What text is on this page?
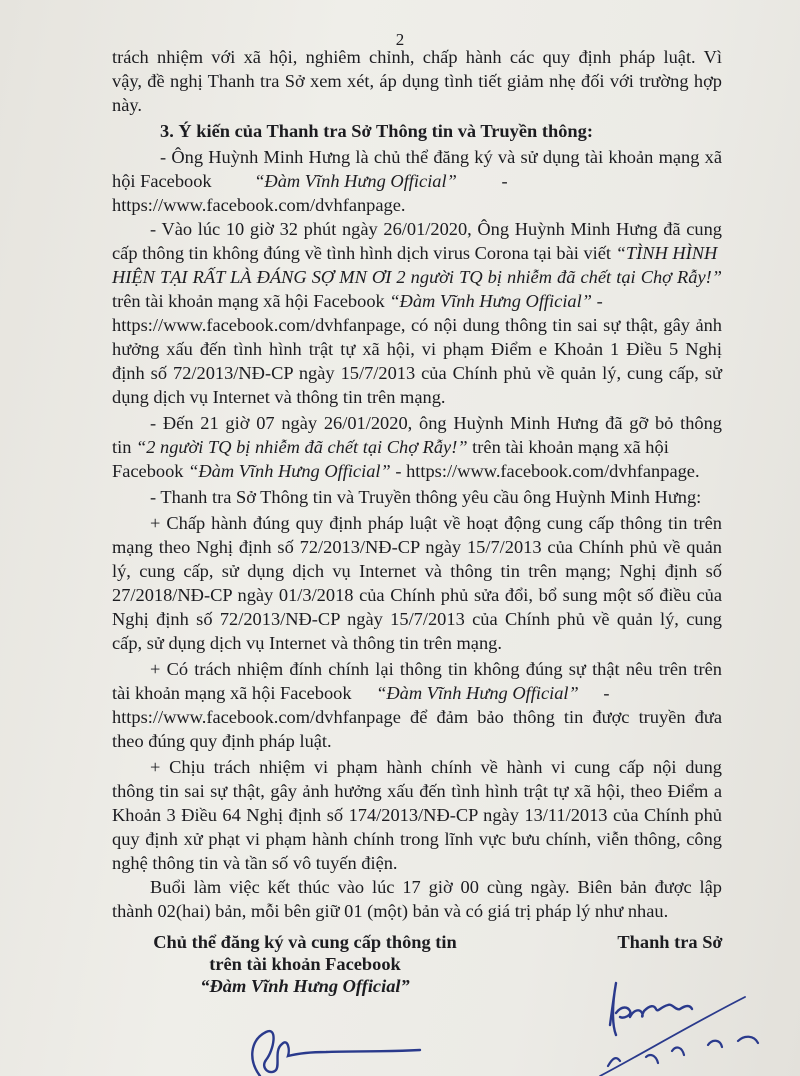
2
trách nhiệm với xã hội, nghiêm chỉnh, chấp hành các quy định pháp luật. Vì
vậy, đề nghị Thanh tra Sở xem xét, áp dụng tình tiết giảm nhẹ đối với trường hợp
này.
3. Ý kiến của Thanh tra Sở Thông tin và Truyền thông:
- Ông Huỳnh Minh Hưng là chủ thể đăng ký và sử dụng tài khoản mạng xã
hội Facebook “Đàm Vĩnh Hưng Official” -
https://www.facebook.com/dvhfanpage.
- Vào lúc 10 giờ 32 phút ngày 26/01/2020, Ông Huỳnh Minh Hưng đã cung
cấp thông tin không đúng về tình hình dịch virus Corona tại bài viết “TÌNH HÌNH
HIỆN TẠI RẤT LÀ ĐÁNG SỢ MN ƠI 2 người TQ bị nhiễm đã chết tại Chợ Rẫy!”
trên tài khoản mạng xã hội Facebook “Đàm Vĩnh Hưng Official” -
https://www.facebook.com/dvhfanpage, có nội dung thông tin sai sự thật, gây ảnh
hưởng xấu đến tình hình trật tự xã hội, vi phạm Điểm e Khoản 1 Điều 5 Nghị
định số 72/2013/NĐ-CP ngày 15/7/2013 của Chính phủ về quản lý, cung cấp, sử
dụng dịch vụ Internet và thông tin trên mạng.
- Đến 21 giờ 07 ngày 26/01/2020, ông Huỳnh Minh Hưng đã gỡ bỏ thông
tin “2 người TQ bị nhiễm đã chết tại Chợ Rẫy!” trên tài khoản mạng xã hội
Facebook “Đàm Vĩnh Hưng Official” - https://www.facebook.com/dvhfanpage.
- Thanh tra Sở Thông tin và Truyền thông yêu cầu ông Huỳnh Minh Hưng:
+ Chấp hành đúng quy định pháp luật về hoạt động cung cấp thông tin trên
mạng theo Nghị định số 72/2013/NĐ-CP ngày 15/7/2013 của Chính phủ về quản
lý, cung cấp, sử dụng dịch vụ Internet và thông tin trên mạng; Nghị định số
27/2018/NĐ-CP ngày 01/3/2018 của Chính phủ sửa đổi, bổ sung một số điều của
Nghị định số 72/2013/NĐ-CP ngày 15/7/2013 của Chính phủ về quản lý, cung
cấp, sử dụng dịch vụ Internet và thông tin trên mạng.
+ Có trách nhiệm đính chính lại thông tin không đúng sự thật nêu trên trên
tài khoản mạng xã hội Facebook “Đàm Vĩnh Hưng Official” -
https://www.facebook.com/dvhfanpage để đảm bảo thông tin được truyền đưa
theo đúng quy định pháp luật.
+ Chịu trách nhiệm vi phạm hành chính về hành vi cung cấp nội dung
thông tin sai sự thật, gây ảnh hưởng xấu đến tình hình trật tự xã hội, theo Điểm a
Khoản 3 Điều 64 Nghị định số 174/2013/NĐ-CP ngày 13/11/2013 của Chính phủ
quy định xử phạt vi phạm hành chính trong lĩnh vực bưu chính, viễn thông, công
nghệ thông tin và tần số vô tuyến điện.
Buổi làm việc kết thúc vào lúc 17 giờ 00 cùng ngày. Biên bản được lập
thành 02(hai) bản, mỗi bên giữ 01 (một) bản và có giá trị pháp lý như nhau.
Chủ thể đăng ký và cung cấp thông tin
trên tài khoản Facebook
“Đàm Vĩnh Hưng Official”
Thanh tra Sở
